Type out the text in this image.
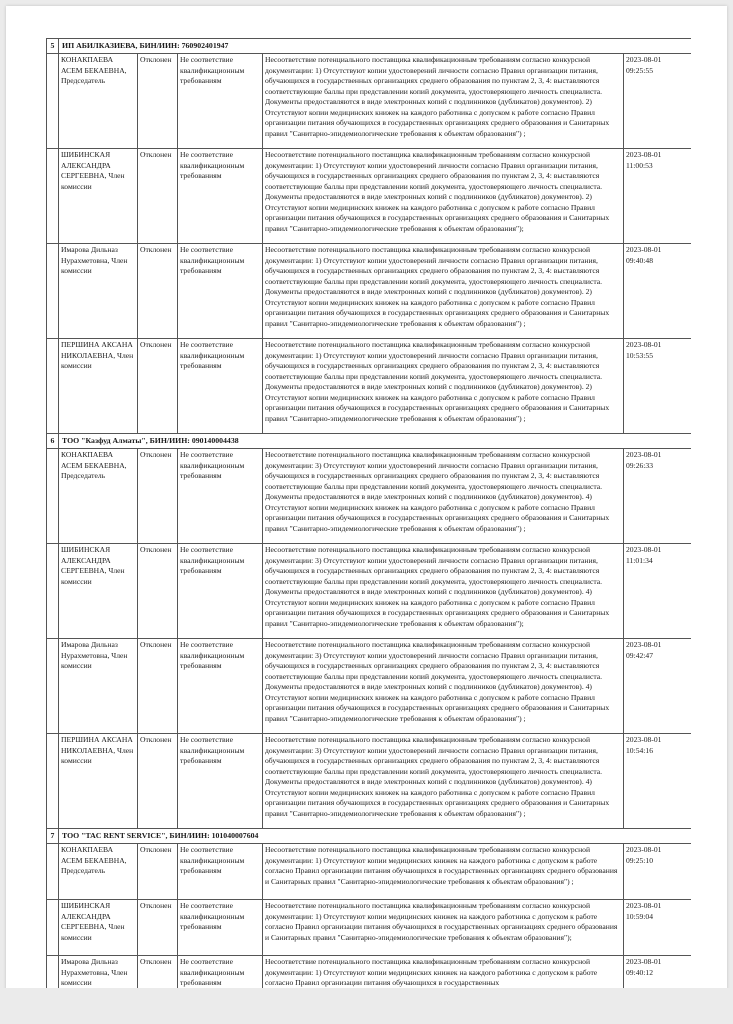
5	ИП АБИЛКАЗИЕВА, БИН/ИИН: 760902401947				
	КОНАКПАЕВА АСЕМ БЕКАЕВНА, Председатель	Отклонен	Не соответствие квалификационным требованиям	Несоответствие потенциального поставщика квалификационным требованиям согласно конкурсной документации: 1) Отсутствуют копии удостоверений личности согласно Правил организации питания, обучающихся в государственных организациях среднего образования по пунктам 2, 3, 4: выставляются соответствующие баллы при представлении копий документа, удостоверяющего личность специалиста. Документы предоставляются в виде электронных копий с подлинников (дубликатов) документов). 2) Отсутствуют копии медицинских книжек на каждого работника с допуском к работе согласно Правил организации питания обучающихся в государственных организациях среднего образования и Санитарных правил "Санитарно-эпидемиологические требования к объектам образования") ;	2023-08-01 09:25:55
	ШИБИНСКАЯ АЛЕКСАНДРА СЕРГЕЕВНА, Член комиссии	Отклонен	Не соответствие квалификационным требованиям	Несоответствие потенциального поставщика квалификационным требованиям согласно конкурсной документации: 1) Отсутствуют копии удостоверений личности согласно Правил организации питания, обучающихся в государственных организациях среднего образования по пунктам 2, 3, 4: выставляются соответствующие баллы при представлении копий документа, удостоверяющего личность специалиста. Документы предоставляются в виде электронных копий с подлинников (дубликатов) документов). 2) Отсутствуют копии медицинских книжек на каждого работника с допуском к работе согласно Правил организации питания обучающихся в государственных организациях среднего образования и Санитарных правил "Санитарно-эпидемиологические требования к объектам образования");	2023-08-01 11:00:53
	Имарова Дильназ Нурахметовна, Член комиссии	Отклонен	Не соответствие квалификационным требованиям	Несоответствие потенциального поставщика квалификационным требованиям согласно конкурсной документации: 1) Отсутствуют копии удостоверений личности согласно Правил организации питания, обучающихся в государственных организациях среднего образования по пунктам 2, 3, 4: выставляются соответствующие баллы при представлении копий документа, удостоверяющего личность специалиста. Документы предоставляются в виде электронных копий с подлинников (дубликатов) документов). 2) Отсутствуют копии медицинских книжек на каждого работника с допуском к работе согласно Правил организации питания обучающихся в государственных организациях среднего образования и Санитарных правил "Санитарно-эпидемиологические требования к объектам образования") ;	2023-08-01 09:40:48
	ПЕРШИНА АКСАНА НИКОЛАЕВНА, Член комиссии	Отклонен	Не соответствие квалификационным требованиям	Несоответствие потенциального поставщика квалификационным требованиям согласно конкурсной документации: 1) Отсутствуют копии удостоверений личности согласно Правил организации питания, обучающихся в государственных организациях среднего образования по пунктам 2, 3, 4: выставляются соответствующие баллы при представлении копий документа, удостоверяющего личность специалиста. Документы предоставляются в виде электронных копий с подлинников (дубликатов) документов). 2) Отсутствуют копии медицинских книжек на каждого работника с допуском к работе согласно Правил организации питания обучающихся в государственных организациях среднего образования и Санитарных правил "Санитарно-эпидемиологические требования к объектам образования") ;	2023-08-01 10:53:55
6	ТОО "Казфуд Алматы", БИН/ИИН: 090140004438				
	КОНАКПАЕВА АСЕМ БЕКАЕВНА, Председатель	Отклонен	Не соответствие квалификационным требованиям	Несоответствие потенциального поставщика квалификационным требованиям согласно конкурсной документации: 3) Отсутствуют копии удостоверений личности согласно Правил организации питания, обучающихся в государственных организациях среднего образования по пунктам 2, 3, 4: выставляются соответствующие баллы при представлении копий документа, удостоверяющего личность специалиста. Документы предоставляются в виде электронных копий с подлинников (дубликатов) документов). 4) Отсутствуют копии медицинских книжек на каждого работника с допуском к работе согласно Правил организации питания обучающихся в государственных организациях среднего образования и Санитарных правил "Санитарно-эпидемиологические требования к объектам образования") ;	2023-08-01 09:26:33
	ШИБИНСКАЯ АЛЕКСАНДРА СЕРГЕЕВНА, Член комиссии	Отклонен	Не соответствие квалификационным требованиям	Несоответствие потенциального поставщика квалификационным требованиям согласно конкурсной документации: 3) Отсутствуют копии удостоверений личности согласно Правил организации питания, обучающихся в государственных организациях среднего образования по пунктам 2, 3, 4: выставляются соответствующие баллы при представлении копий документа, удостоверяющего личность специалиста. Документы предоставляются в виде электронных копий с подлинников (дубликатов) документов). 4) Отсутствуют копии медицинских книжек на каждого работника с допуском к работе согласно Правил организации питания обучающихся в государственных организациях среднего образования и Санитарных правил "Санитарно-эпидемиологические требования к объектам образования");	2023-08-01 11:01:34
	Имарова Дильназ Нурахметовна, Член комиссии	Отклонен	Не соответствие квалификационным требованиям	Несоответствие потенциального поставщика квалификационным требованиям согласно конкурсной документации: 3) Отсутствуют копии удостоверений личности согласно Правил организации питания, обучающихся в государственных организациях среднего образования по пунктам 2, 3, 4: выставляются соответствующие баллы при представлении копий документа, удостоверяющего личность специалиста. Документы предоставляются в виде электронных копий с подлинников (дубликатов) документов). 4) Отсутствуют копии медицинских книжек на каждого работника с допуском к работе согласно Правил организации питания обучающихся в государственных организациях среднего образования и Санитарных правил "Санитарно-эпидемиологические требования к объектам образования") ;	2023-08-01 09:42:47
	ПЕРШИНА АКСАНА НИКОЛАЕВНА, Член комиссии	Отклонен	Не соответствие квалификационным требованиям	Несоответствие потенциального поставщика квалификационным требованиям согласно конкурсной документации: 3) Отсутствуют копии удостоверений личности согласно Правил организации питания, обучающихся в государственных организациях среднего образования по пунктам 2, 3, 4: выставляются соответствующие баллы при представлении копий документа, удостоверяющего личность специалиста. Документы предоставляются в виде электронных копий с подлинников (дубликатов) документов). 4) Отсутствуют копии медицинских книжек на каждого работника с допуском к работе согласно Правил организации питания обучающихся в государственных организациях среднего образования и Санитарных правил "Санитарно-эпидемиологические требования к объектам образования") ;	2023-08-01 10:54:16
7	ТОО "TAC RENT SERVICE", БИН/ИИН: 101040007604				
	КОНАКПАЕВА АСЕМ БЕКАЕВНА, Председатель	Отклонен	Не соответствие квалификационным требованиям	Несоответствие потенциального поставщика квалификационным требованиям согласно конкурсной документации: 1) Отсутствуют копии медицинских книжек на каждого работника с допуском к работе согласно Правил организации питания обучающихся в государственных организациях среднего образования и Санитарных правил "Санитарно-эпидемиологические требования к объектам образования") ;	2023-08-01 09:25:10
	ШИБИНСКАЯ АЛЕКСАНДРА СЕРГЕЕВНА, Член комиссии	Отклонен	Не соответствие квалификационным требованиям	Несоответствие потенциального поставщика квалификационным требованиям согласно конкурсной документации: 1) Отсутствуют копии медицинских книжек на каждого работника с допуском к работе согласно Правил организации питания обучающихся в государственных организациях среднего образования и Санитарных правил "Санитарно-эпидемиологические требования к объектам образования");	2023-08-01 10:59:04
	Имарова Дильназ Нурахметовна, Член комиссии	Отклонен	Не соответствие квалификационным требованиям	Несоответствие потенциального поставщика квалификационным требованиям согласно конкурсной документации: 1) Отсутствуют копии медицинских книжек на каждого работника с допуском к работе согласно Правил организации питания обучающихся в государственных	2023-08-01 09:40:12
